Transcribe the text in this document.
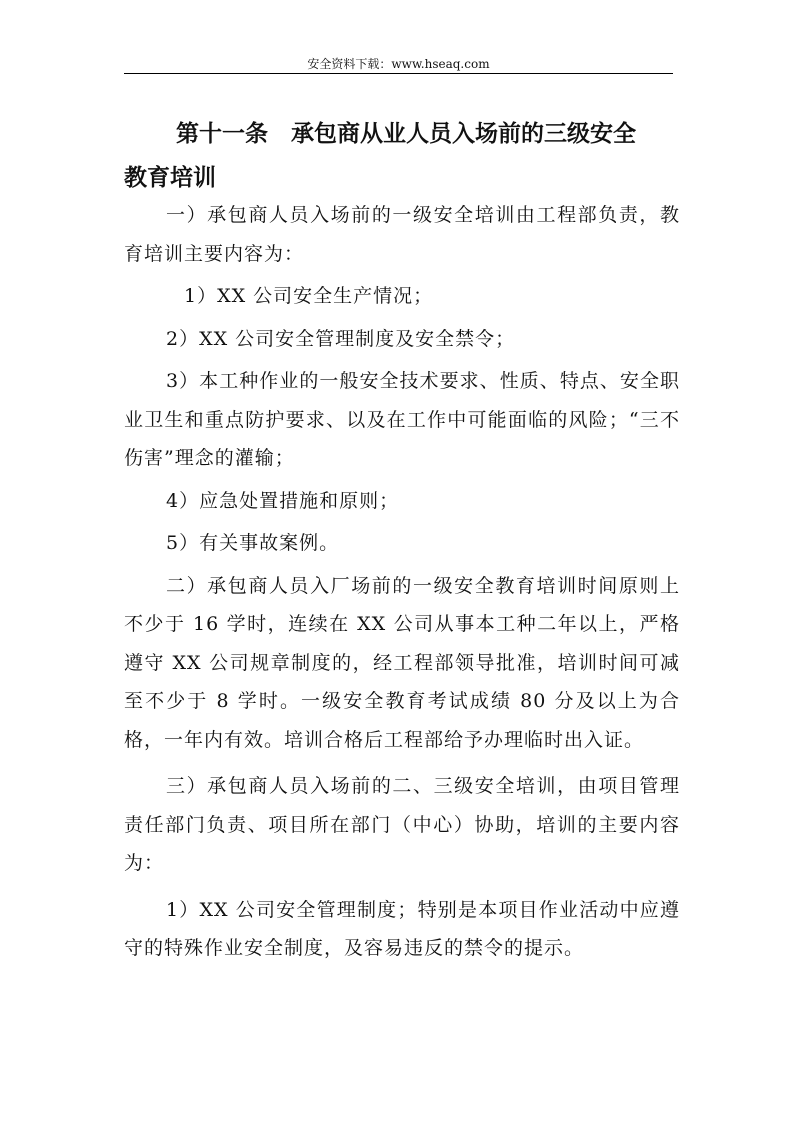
安全资料下载：www.hseaq.com
第十一条　承包商从业人员入场前的三级安全
教育培训

一）承包商人员入场前的一级安全培训由工程部负责，教育培训主要内容为：

1）XX 公司安全生产情况；

2）XX 公司安全管理制度及安全禁令；

3）本工种作业的一般安全技术要求、性质、特点、安全职业卫生和重点防护要求、以及在工作中可能面临的风险；“三不伤害”理念的灌输；

4）应急处置措施和原则；

5）有关事故案例。

二）承包商人员入厂场前的一级安全教育培训时间原则上不少于 16 学时，连续在 XX 公司从事本工种二年以上，严格遵守 XX 公司规章制度的，经工程部领导批准，培训时间可减至不少于 8 学时。一级安全教育考试成绩 80 分及以上为合格，一年内有效。培训合格后工程部给予办理临时出入证。

三）承包商人员入场前的二、三级安全培训，由项目管理责任部门负责、项目所在部门（中心）协助，培训的主要内容为：

1）XX 公司安全管理制度；特别是本项目作业活动中应遵守的特殊作业安全制度，及容易违反的禁令的提示。
